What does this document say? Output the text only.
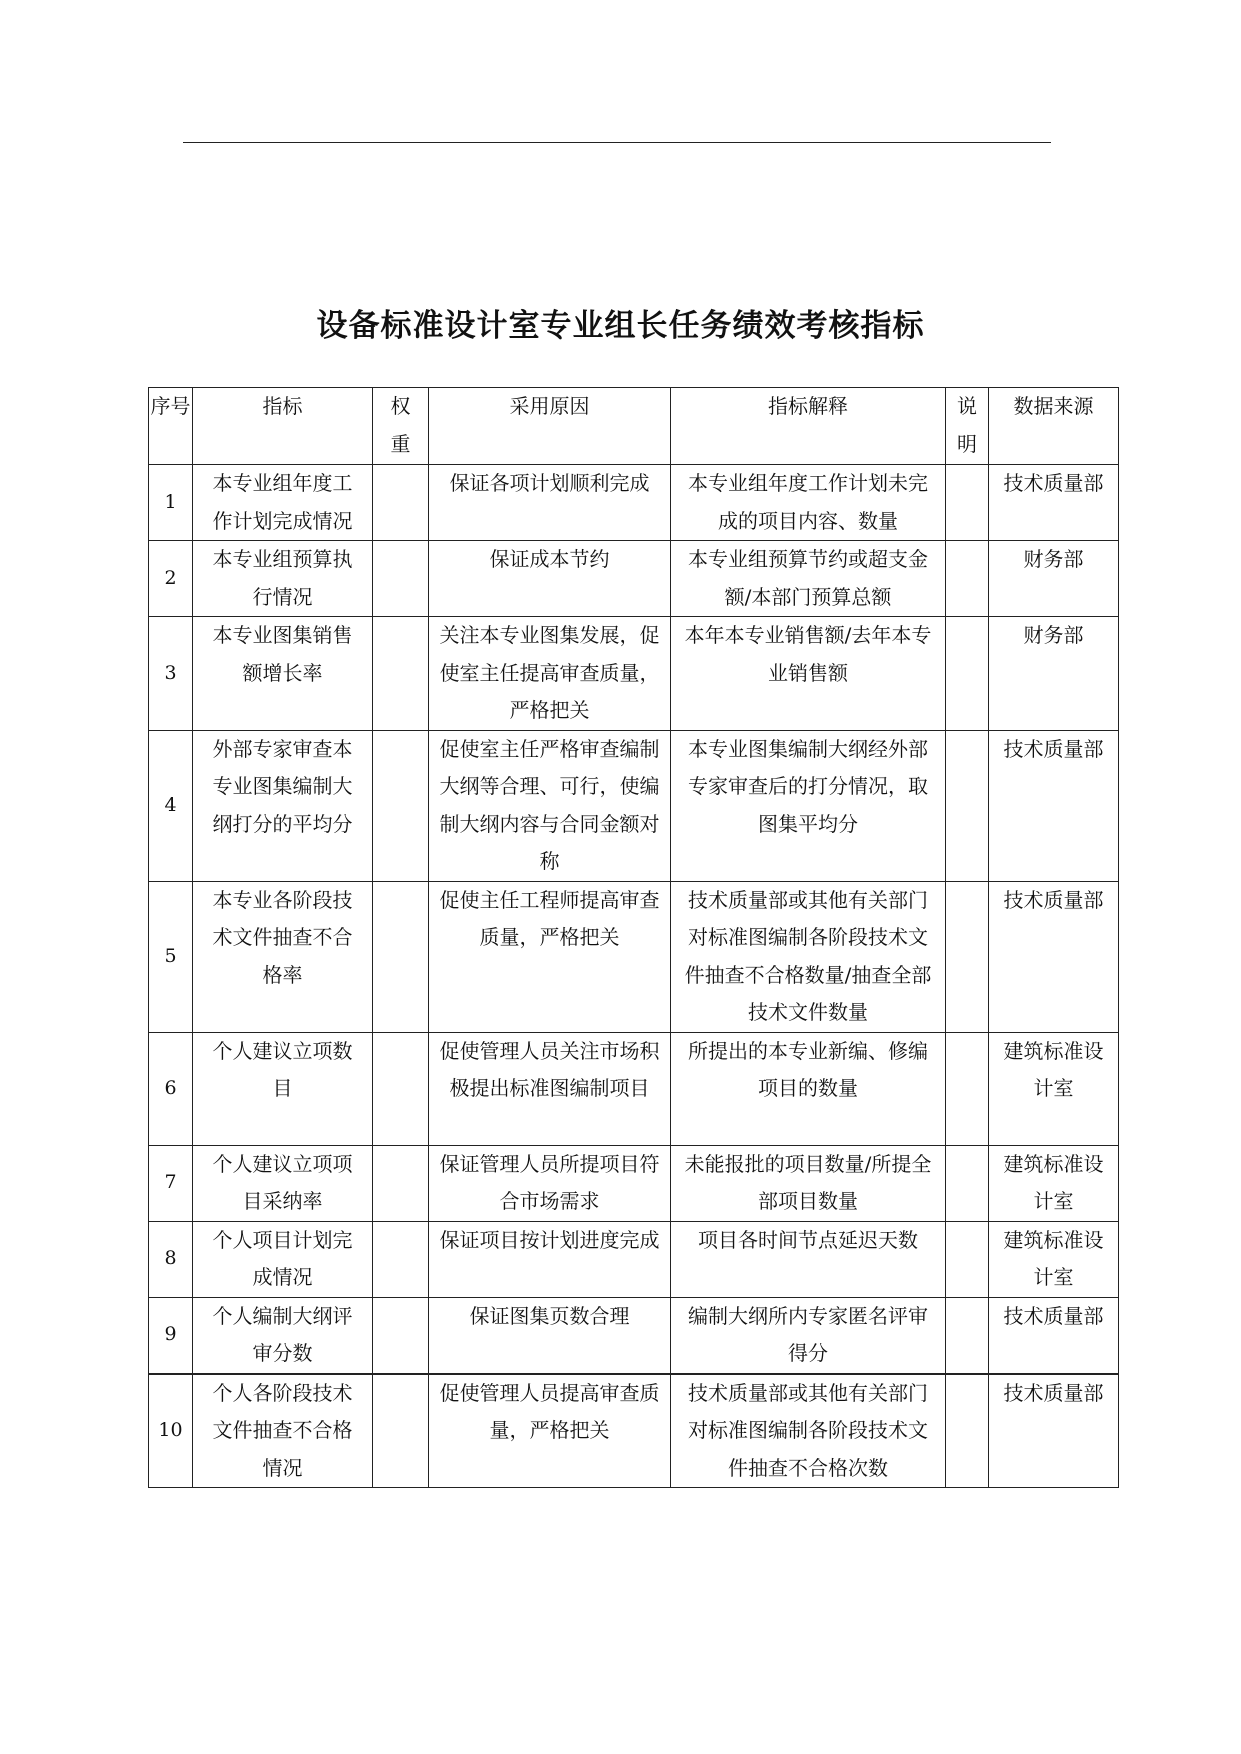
设备标准设计室专业组长任务绩效考核指标
序号	指标	权重	采用原因	指标解释	说明	数据来源
1	本专业组年度工作计划完成情况		保证各项计划顺利完成	本专业组年度工作计划未完成的项目内容、数量		技术质量部
2	本专业组预算执行情况		保证成本节约	本专业组预算节约或超支金额/本部门预算总额		财务部
3	本专业图集销售额增长率		关注本专业图集发展，促使室主任提高审查质量，严格把关	本年本专业销售额/去年本专业销售额		财务部
4	外部专家审查本专业图集编制大纲打分的平均分		促使室主任严格审查编制大纲等合理、可行，使编制大纲内容与合同金额对称	本专业图集编制大纲经外部专家审查后的打分情况，取图集平均分		技术质量部
5	本专业各阶段技术文件抽查不合格率		促使主任工程师提高审查质量，严格把关	技术质量部或其他有关部门对标准图编制各阶段技术文件抽查不合格数量/抽查全部技术文件数量		技术质量部
6	个人建议立项数目		促使管理人员关注市场积极提出标准图编制项目	所提出的本专业新编、修编项目的数量		建筑标准设计室
7	个人建议立项项目采纳率		保证管理人员所提项目符合市场需求	未能报批的项目数量/所提全部项目数量		建筑标准设计室
8	个人项目计划完成情况		保证项目按计划进度完成	项目各时间节点延迟天数		建筑标准设计室
9	个人编制大纲评审分数		保证图集页数合理	编制大纲所内专家匿名评审得分		技术质量部
10	个人各阶段技术文件抽查不合格情况		促使管理人员提高审查质量，严格把关	技术质量部或其他有关部门对标准图编制各阶段技术文件抽查不合格次数		技术质量部
